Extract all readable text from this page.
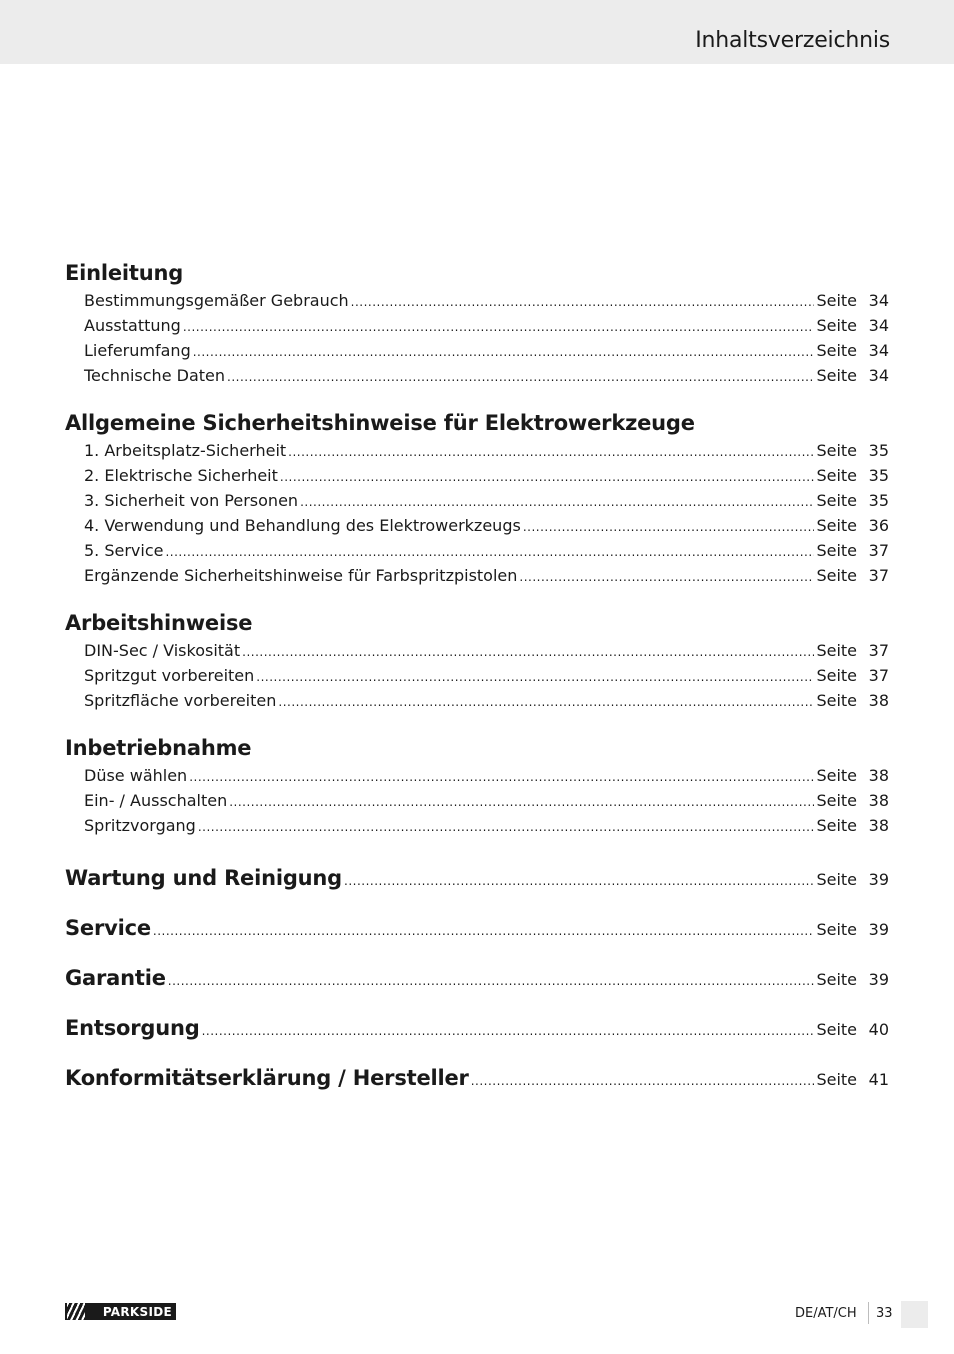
Inhaltsverzeichnis
Einleitung
Bestimmungsgemäßer Gebrauch .....	Seite 34
Ausstattung .....	Seite 34
Lieferumfang .....	Seite 34
Technische Daten .....	Seite 34
Allgemeine Sicherheitshinweise für Elektrowerkzeuge
1. Arbeitsplatz-Sicherheit .....	Seite 35
2. Elektrische Sicherheit .....	Seite 35
3. Sicherheit von Personen .....	Seite 35
4. Verwendung und Behandlung des Elektrowerkzeugs .....	Seite 36
5. Service .....	Seite 37
Ergänzende Sicherheitshinweise für Farbspritzpistolen .....	Seite 37
Arbeitshinweise
DIN-Sec / Viskosität .....	Seite 37
Spritzgut vorbereiten .....	Seite 37
Spritzfläche vorbereiten .....	Seite 38
Inbetriebnahme
Düse wählen .....	Seite 38
Ein- / Ausschalten .....	Seite 38
Spritzvorgang .....	Seite 38
Wartung und Reinigung .....	Seite 39
Service .....	Seite 39
Garantie .....	Seite 39
Entsorgung .....	Seite 40
Konformitätserklärung / Hersteller .....	Seite 41
PARKSIDE	DE/AT/CH 33
